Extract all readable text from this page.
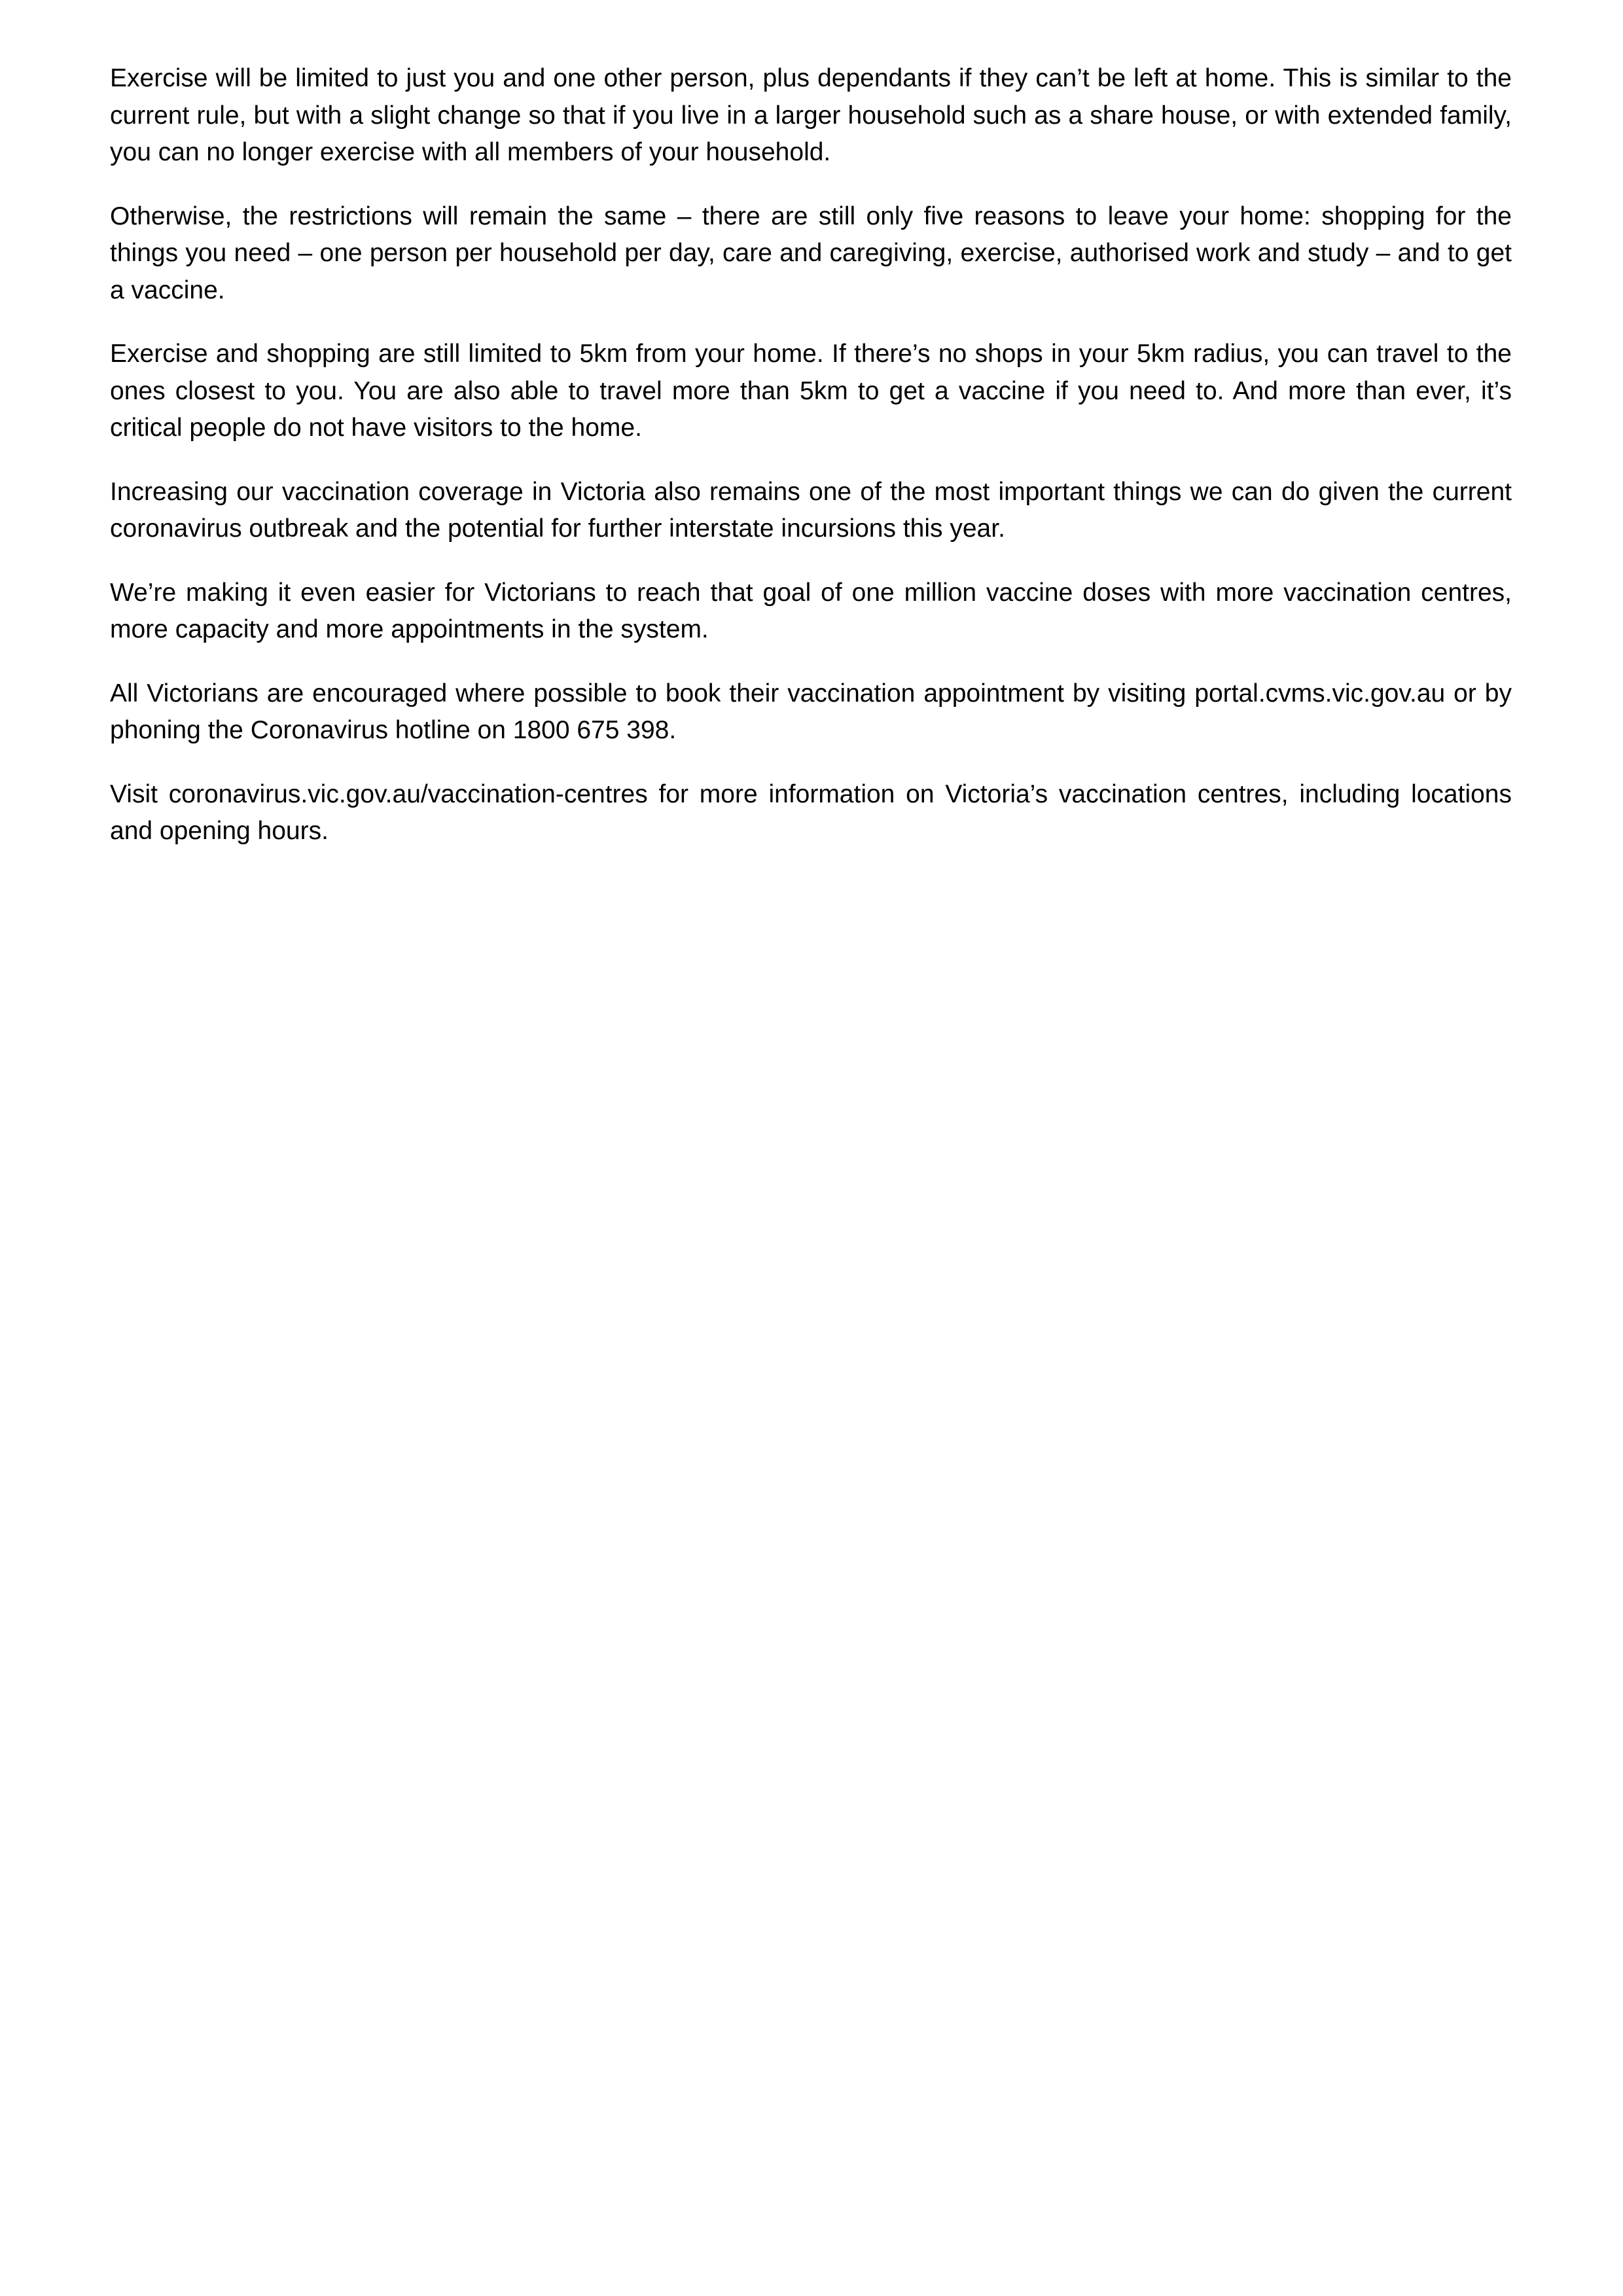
Exercise will be limited to just you and one other person, plus dependants if they can’t be left at home. This is similar to the current rule, but with a slight change so that if you live in a larger household such as a share house, or with extended family, you can no longer exercise with all members of your household.

Otherwise, the restrictions will remain the same – there are still only five reasons to leave your home: shopping for the things you need – one person per household per day, care and caregiving, exercise, authorised work and study – and to get a vaccine.

Exercise and shopping are still limited to 5km from your home. If there’s no shops in your 5km radius, you can travel to the ones closest to you. You are also able to travel more than 5km to get a vaccine if you need to. And more than ever, it’s critical people do not have visitors to the home.

Increasing our vaccination coverage in Victoria also remains one of the most important things we can do given the current coronavirus outbreak and the potential for further interstate incursions this year.

We’re making it even easier for Victorians to reach that goal of one million vaccine doses with more vaccination centres, more capacity and more appointments in the system.

All Victorians are encouraged where possible to book their vaccination appointment by visiting portal.cvms.vic.gov.au or by phoning the Coronavirus hotline on 1800 675 398.

Visit coronavirus.vic.gov.au/vaccination-centres for more information on Victoria’s vaccination centres, including locations and opening hours.
